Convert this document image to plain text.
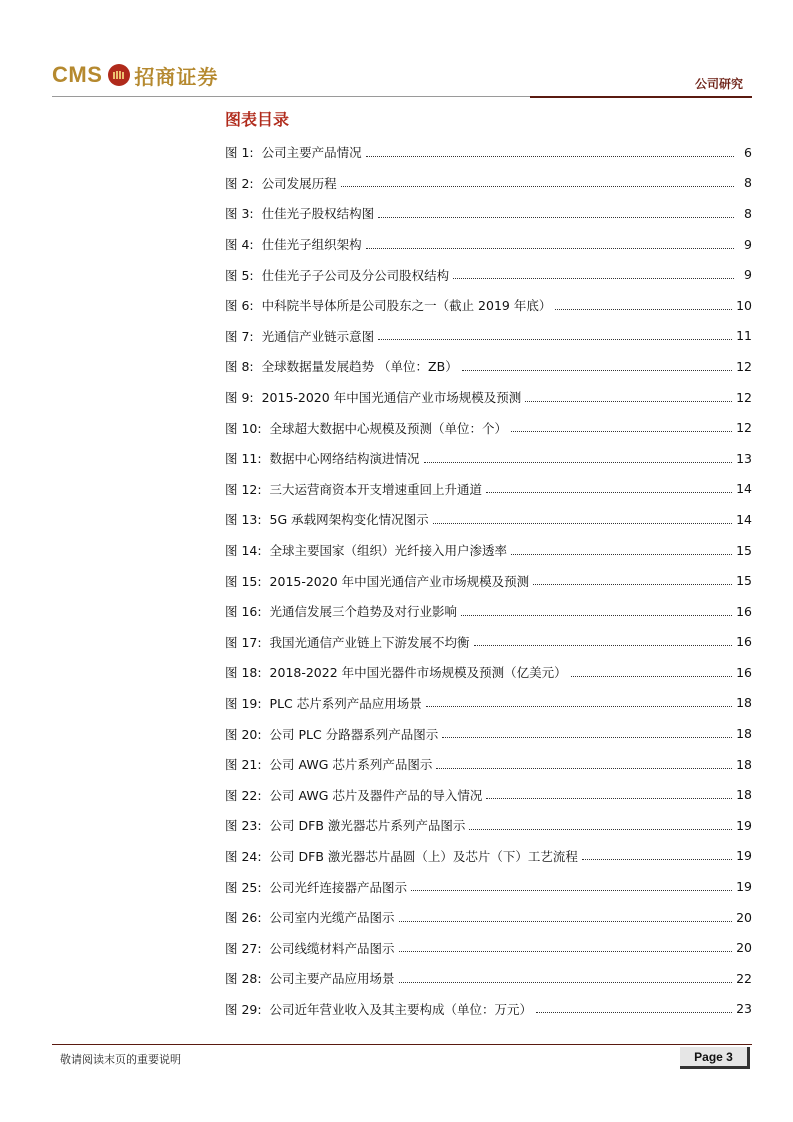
CMS 招商证券	公司研究
图表目录
图 1:  公司主要产品情况	6
图 2:  公司发展历程	8
图 3:  仕佳光子股权结构图	8
图 4:  仕佳光子组织架构	9
图 5:  仕佳光子子公司及分公司股权结构	9
图 6:  中科院半导体所是公司股东之一（截止 2019 年底）	10
图 7:  光通信产业链示意图	11
图 8:  全球数据量发展趋势 （单位：ZB）	12
图 9:  2015-2020 年中国光通信产业市场规模及预测	12
图 10:  全球超大数据中心规模及预测（单位：个）	12
图 11:  数据中心网络结构演进情况	13
图 12:  三大运营商资本开支增速重回上升通道	14
图 13:  5G 承载网架构变化情况图示	14
图 14:  全球主要国家（组织）光纤接入用户渗透率	15
图 15:  2015-2020 年中国光通信产业市场规模及预测	15
图 16:  光通信发展三个趋势及对行业影响	16
图 17:  我国光通信产业链上下游发展不均衡	16
图 18:  2018-2022 年中国光器件市场规模及预测（亿美元）	16
图 19:  PLC 芯片系列产品应用场景	18
图 20:  公司 PLC 分路器系列产品图示	18
图 21:  公司 AWG 芯片系列产品图示	18
图 22:  公司 AWG 芯片及器件产品的导入情况	18
图 23:  公司 DFB 激光器芯片系列产品图示	19
图 24:  公司 DFB 激光器芯片晶圆（上）及芯片（下）工艺流程	19
图 25:  公司光纤连接器产品图示	19
图 26:  公司室内光缆产品图示	20
图 27:  公司线缆材料产品图示	20
图 28:  公司主要产品应用场景	22
图 29:  公司近年营业收入及其主要构成（单位：万元）	23
敬请阅读末页的重要说明	Page 3
